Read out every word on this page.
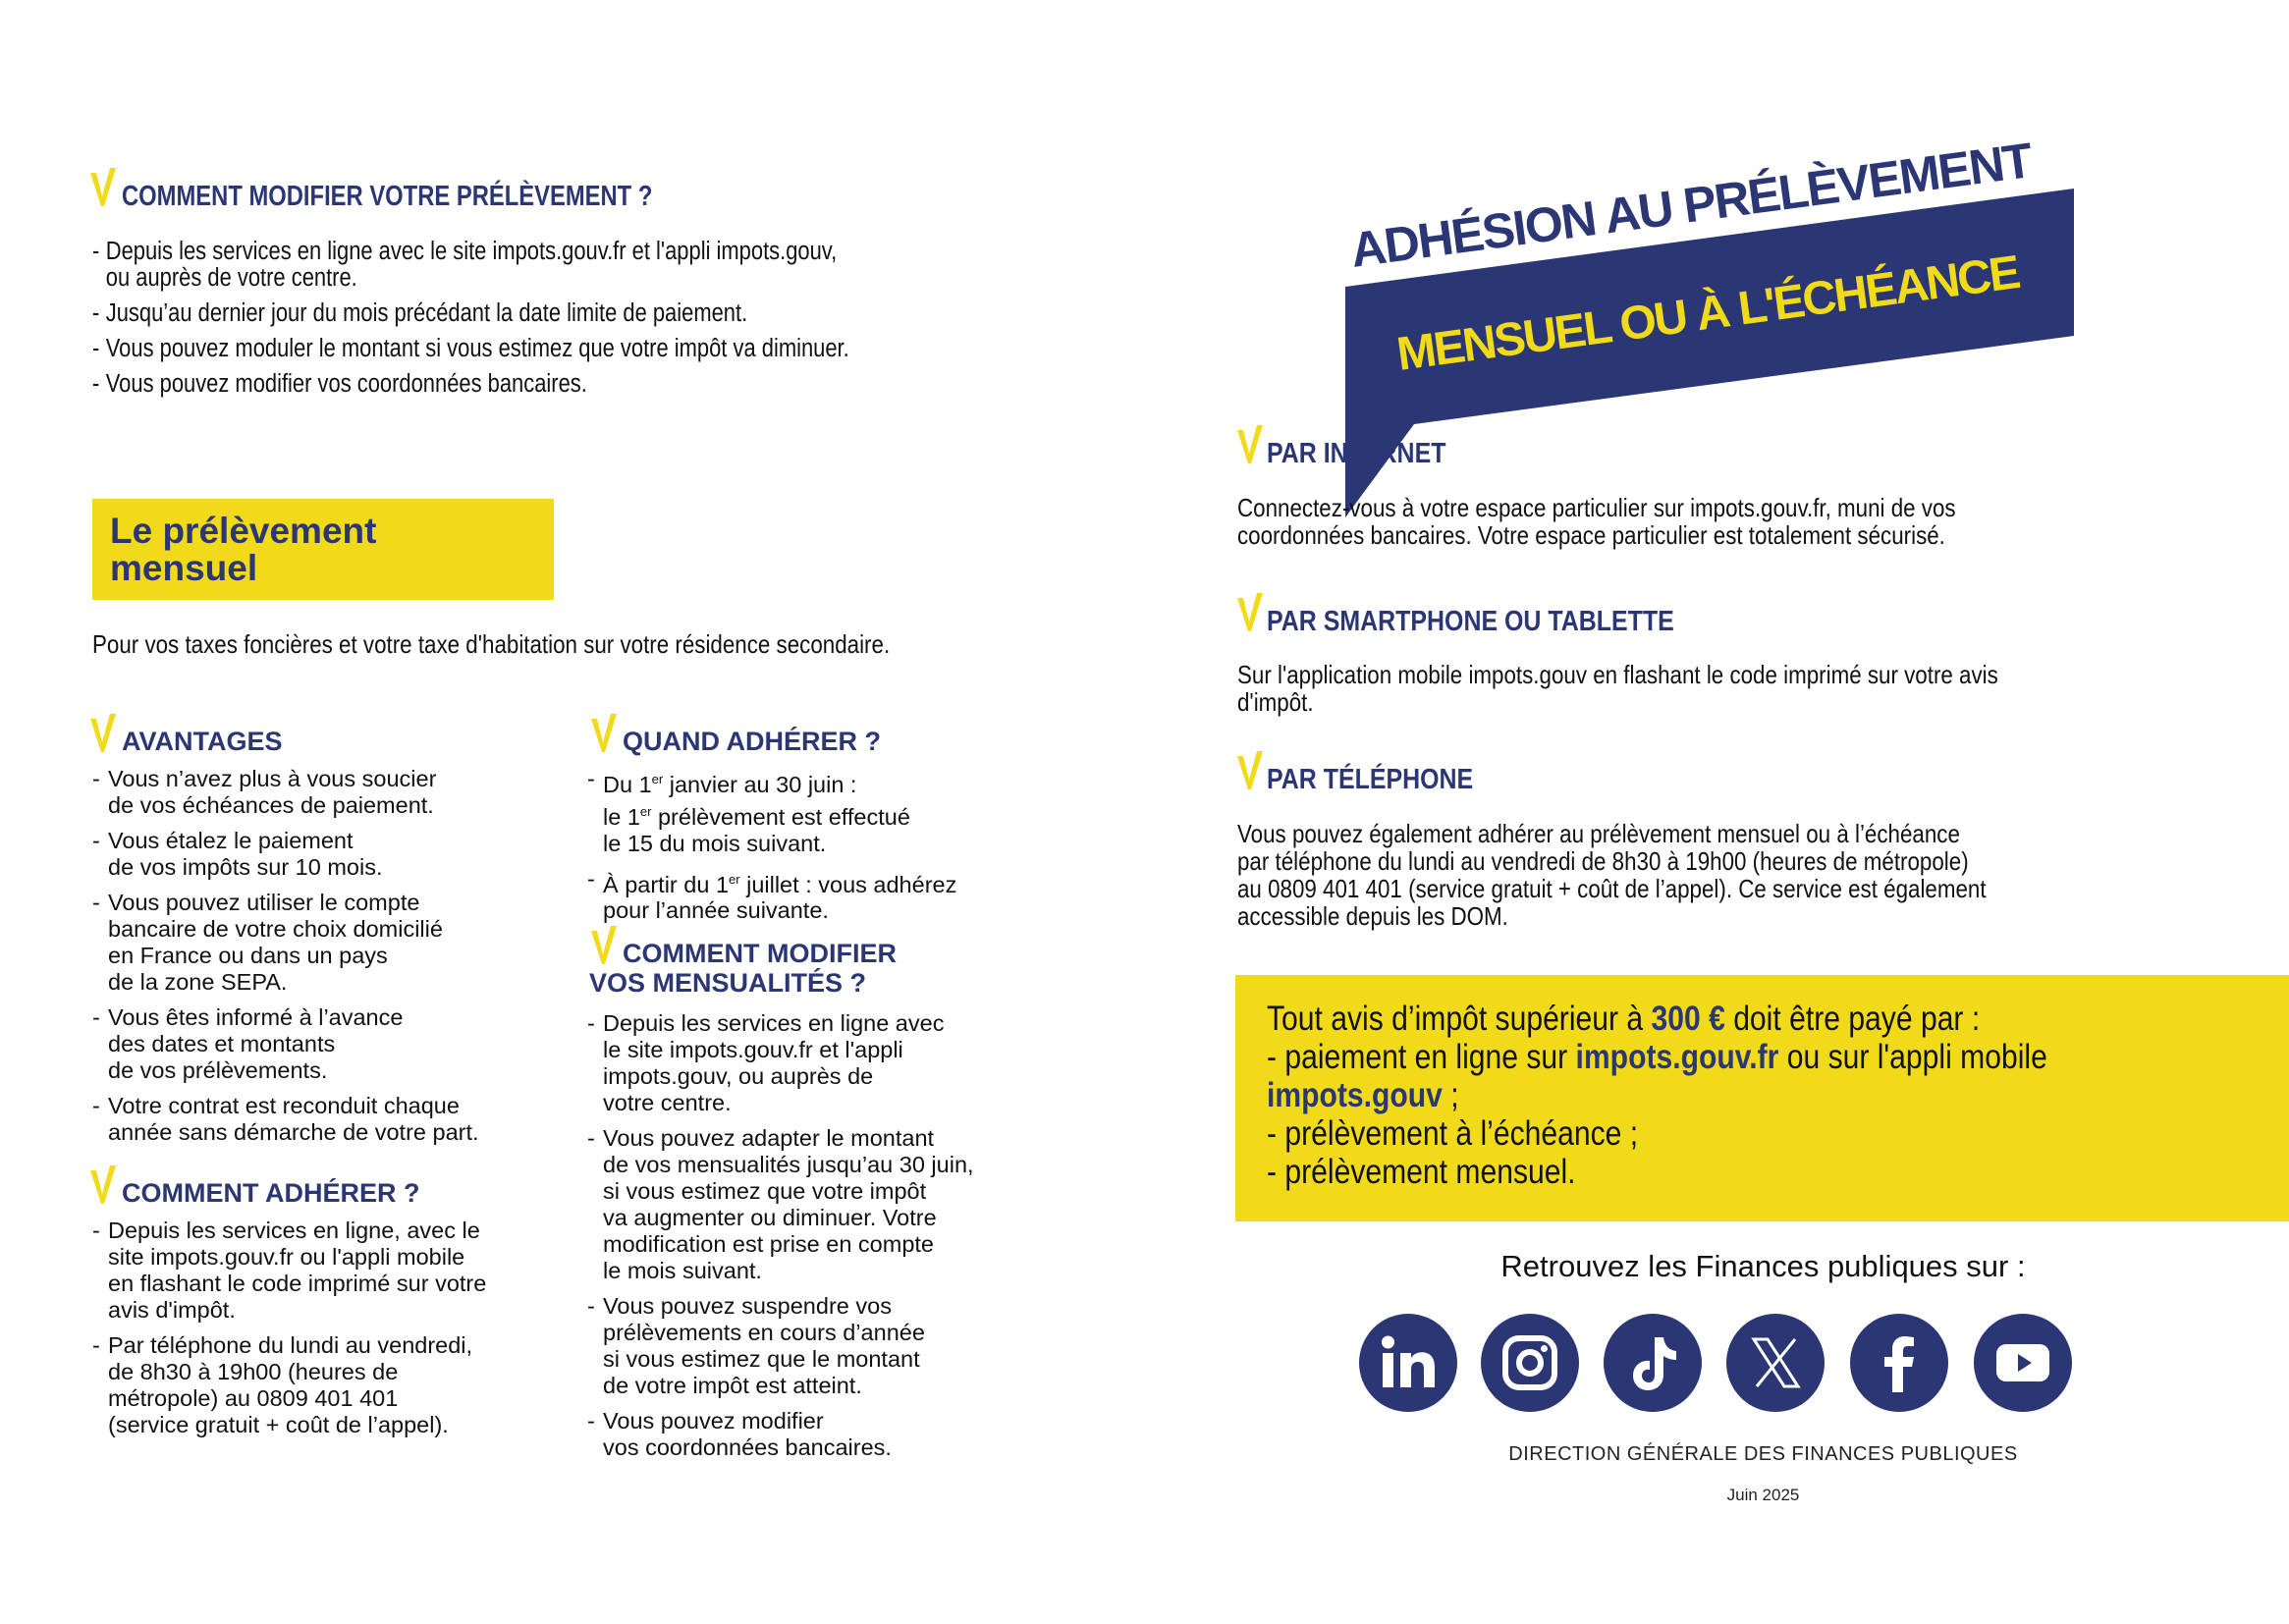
COMMENT MODIFIER VOTRE PRÉLÈVEMENT ?
- Depuis les services en ligne avec le site impots.gouv.fr et l'appli impots.gouv,
ou auprès de votre centre.
- Jusqu’au dernier jour du mois précédant la date limite de paiement.
- Vous pouvez moduler le montant si vous estimez que votre impôt va diminuer.
- Vous pouvez modifier vos coordonnées bancaires.
Le prélèvement
mensuel
Pour vos taxes foncières et votre taxe d'habitation sur votre résidence secondaire.
AVANTAGES
- Vous n’avez plus à vous soucier
de vos échéances de paiement.
- Vous étalez le paiement
de vos impôts sur 10 mois.
- Vous pouvez utiliser le compte
bancaire de votre choix domicilié
en France ou dans un pays
de la zone SEPA.
- Vous êtes informé à l’avance
des dates et montants
de vos prélèvements.
- Votre contrat est reconduit chaque
année sans démarche de votre part.
COMMENT ADHÉRER ?
- Depuis les services en ligne, avec le
site impots.gouv.fr ou l'appli mobile
en flashant le code imprimé sur votre
avis d'impôt.
- Par téléphone du lundi au vendredi,
de 8h30 à 19h00 (heures de
métropole) au 0809 401 401
(service gratuit + coût de l’appel).
QUAND ADHÉRER ?
- Du 1er janvier au 30 juin :
le 1er prélèvement est effectué
le 15 du mois suivant.
- À partir du 1er juillet : vous adhérez
pour l’année suivante.
COMMENT MODIFIER
VOS MENSUALITÉS ?
- Depuis les services en ligne avec
le site impots.gouv.fr et l'appli
impots.gouv, ou auprès de
votre centre.
- Vous pouvez adapter le montant
de vos mensualités jusqu’au 30 juin,
si vous estimez que votre impôt
va augmenter ou diminuer. Votre
modification est prise en compte
le mois suivant.
- Vous pouvez suspendre vos
prélèvements en cours d’année
si vous estimez que le montant
de votre impôt est atteint.
- Vous pouvez modifier
vos coordonnées bancaires.
ADHÉSION AU PRÉLÈVEMENT
MENSUEL OU À L'ÉCHÉANCE
PAR INTERNET
Connectez-vous à votre espace particulier sur impots.gouv.fr, muni de vos
coordonnées bancaires. Votre espace particulier est totalement sécurisé.
PAR SMARTPHONE OU TABLETTE
Sur l'application mobile impots.gouv en flashant le code imprimé sur votre avis
d'impôt.
PAR TÉLÉPHONE
Vous pouvez également adhérer au prélèvement mensuel ou à l’échéance
par téléphone du lundi au vendredi de 8h30 à 19h00 (heures de métropole)
au 0809 401 401 (service gratuit + coût de l’appel). Ce service est également
accessible depuis les DOM.
Tout avis d’impôt supérieur à 300 € doit être payé par :
- paiement en ligne sur impots.gouv.fr ou sur l'appli mobile
impots.gouv ;
- prélèvement à l’échéance ;
- prélèvement mensuel.
Retrouvez les Finances publiques sur :
DIRECTION GÉNÉRALE DES FINANCES PUBLIQUES
Juin 2025
